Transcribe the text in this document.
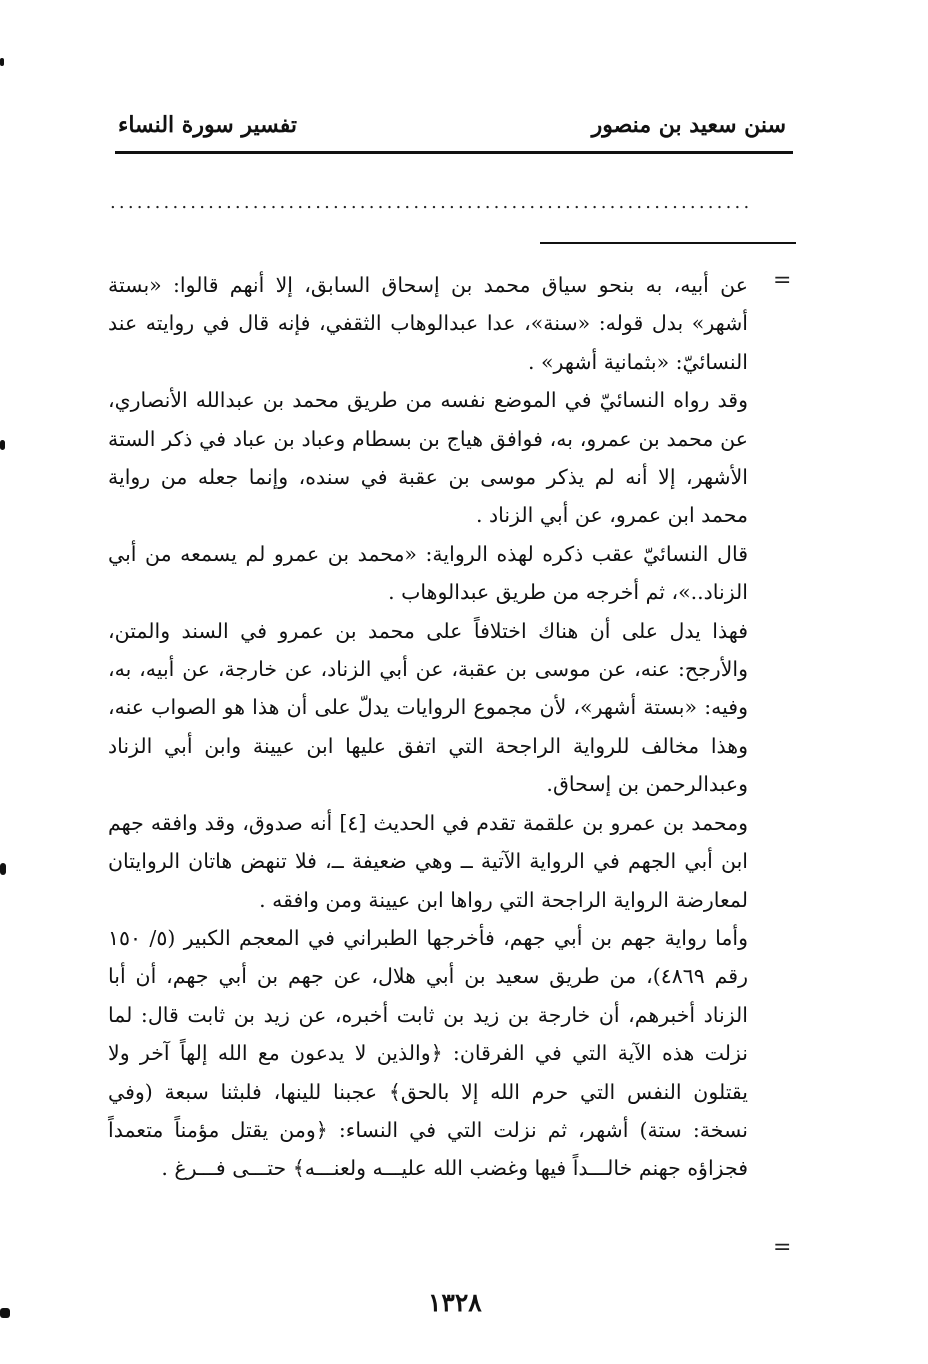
سنن سعيد بن منصور
تفسير سورة النساء
........................................................................
=

عن أبيه، به بنحو سياق محمد بن إسحاق السابق، إلا أنهم قالوا: «بستة أشهر» بدل قوله: «سنة»، عدا عبدالوهاب الثقفي، فإنه قال في روايته عند النسائيّ: «بثمانية أشهر» .

وقد رواه النسائيّ في الموضع نفسه من طريق محمد بن عبدالله الأنصاري، عن محمد بن عمرو، به، فوافق هياج بن بسطام وعباد بن عباد في ذكر الستة الأشهر، إلا أنه لم يذكر موسى بن عقبة في سنده، وإنما جعله من رواية محمد ابن عمرو، عن أبي الزناد .

قال النسائيّ عقب ذكره لهذه الرواية: «محمد بن عمرو لم يسمعه من أبي الزناد..»، ثم أخرجه من طريق عبدالوهاب .

فهذا يدل على أن هناك اختلافاً على محمد بن عمرو في السند والمتن، والأرجح: عنه، عن موسى بن عقبة، عن أبي الزناد، عن خارجة، عن أبيه، به، وفيه: «بستة أشهر»، لأن مجموع الروايات يدلّ على أن هذا هو الصواب عنه، وهذا مخالف للرواية الراجحة التي اتفق عليها ابن عيينة وابن أبي الزناد وعبدالرحمن بن إسحاق.

ومحمد بن عمرو بن علقمة تقدم في الحديث [٤] أنه صدوق، وقد وافقه جهم ابن أبي الجهم في الرواية الآتية ــ وهي ضعيفة ــ، فلا تنهض هاتان الروايتان لمعارضة الرواية الراجحة التي رواها ابن عيينة ومن وافقه .

وأما رواية جهم بن أبي جهم، فأخرجها الطبراني في المعجم الكبير (٥/ ١٥٠ رقم ٤٨٦٩)، من طريق سعيد بن أبي هلال، عن جهم بن أبي جهم، أن أبا الزناد أخبرهم، أن خارجة بن زيد بن ثابت أخبره، عن زيد بن ثابت قال: لما نزلت هذه الآية التي في الفرقان: ﴿والذين لا يدعون مع الله إلهاً آخر ولا يقتلون النفس التي حرم الله إلا بالحق﴾ عجبنا للينها، فلبثنا سبعة (وفي نسخة: ستة) أشهر، ثم نزلت التي في النساء: ﴿ومن يقتل مؤمناً متعمداً فجزاؤه جهنم خالـــداً فيها وغضب الله عليـــه ولعنـــه﴾ حتـــى فـــرغ .

=
١٣٢٨
